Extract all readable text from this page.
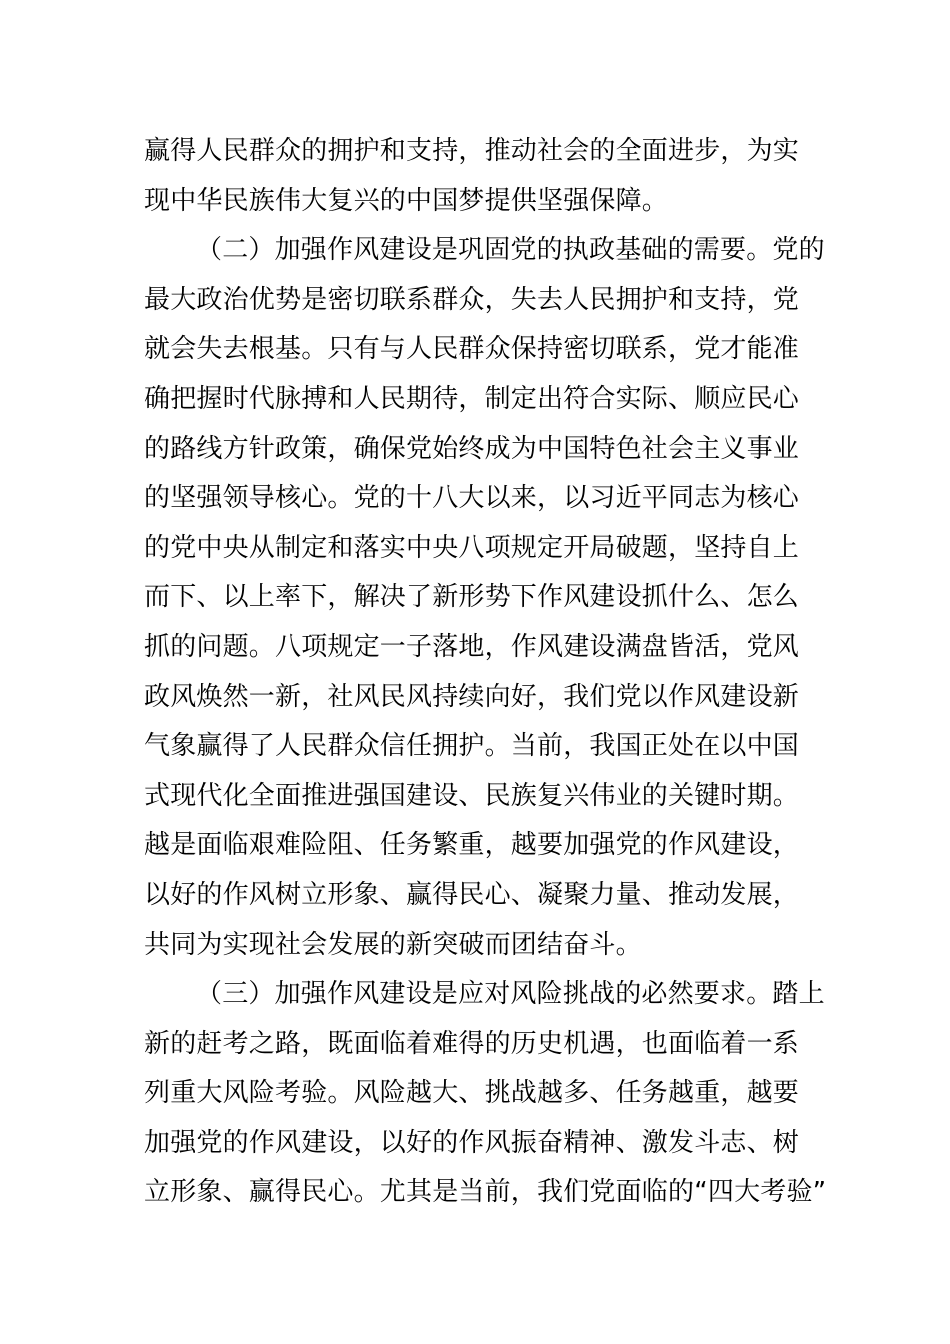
赢得人民群众的拥护和支持，推动社会的全面进步，为实
现中华民族伟大复兴的中国梦提供坚强保障。
（二）加强作风建设是巩固党的执政基础的需要。党的
最大政治优势是密切联系群众，失去人民拥护和支持，党
就会失去根基。只有与人民群众保持密切联系，党才能准
确把握时代脉搏和人民期待，制定出符合实际、顺应民心
的路线方针政策，确保党始终成为中国特色社会主义事业
的坚强领导核心。党的十八大以来，以习近平同志为核心
的党中央从制定和落实中央八项规定开局破题，坚持自上
而下、以上率下，解决了新形势下作风建设抓什么、怎么
抓的问题。八项规定一子落地，作风建设满盘皆活，党风
政风焕然一新，社风民风持续向好，我们党以作风建设新
气象赢得了人民群众信任拥护。当前，我国正处在以中国
式现代化全面推进强国建设、民族复兴伟业的关键时期。
越是面临艰难险阻、任务繁重，越要加强党的作风建设，
以好的作风树立形象、赢得民心、凝聚力量、推动发展，
共同为实现社会发展的新突破而团结奋斗。
（三）加强作风建设是应对风险挑战的必然要求。踏上
新的赶考之路，既面临着难得的历史机遇，也面临着一系
列重大风险考验。风险越大、挑战越多、任务越重，越要
加强党的作风建设，以好的作风振奋精神、激发斗志、树
立形象、赢得民心。尤其是当前，我们党面临的“四大考验”
